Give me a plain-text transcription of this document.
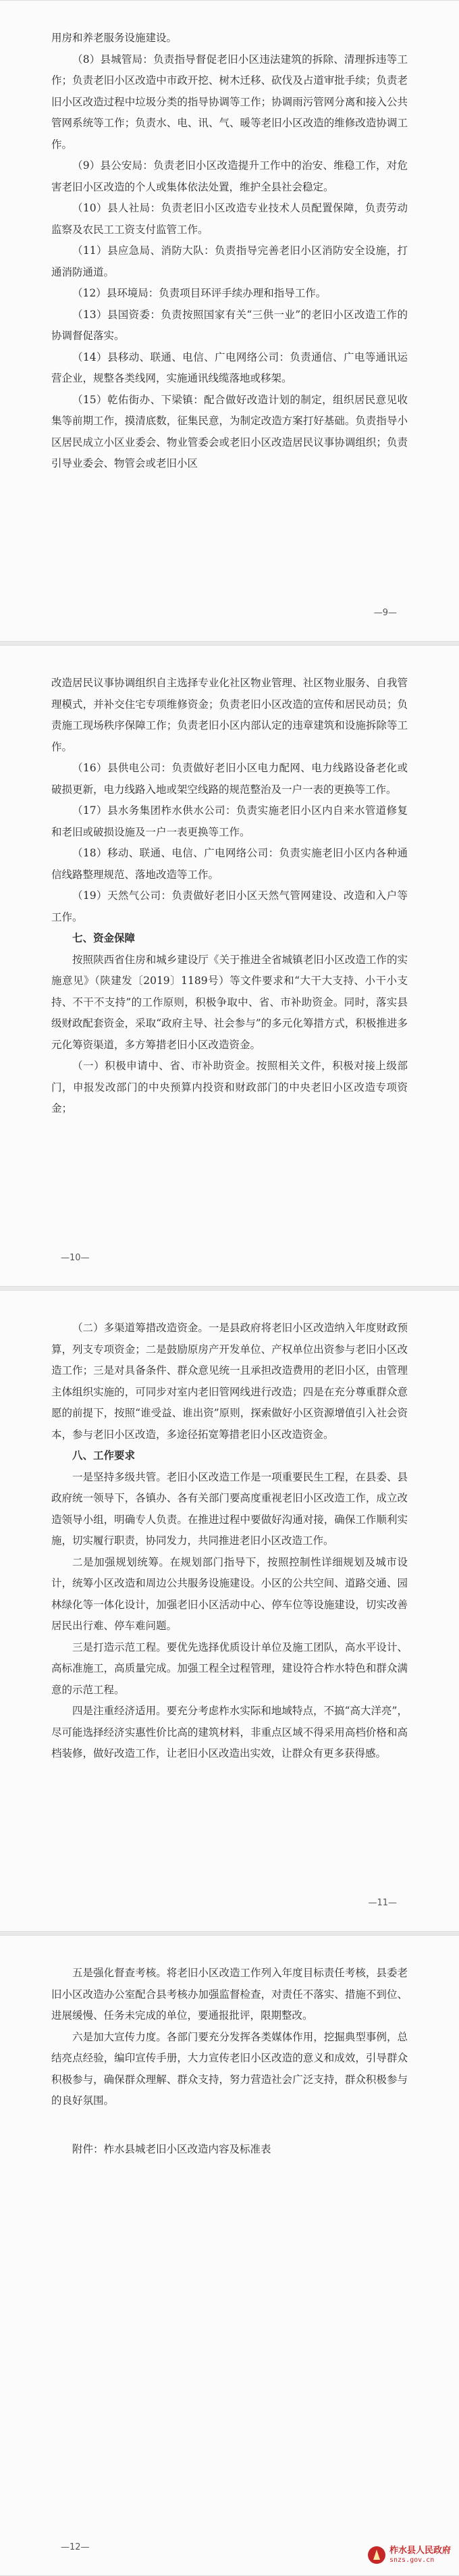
用房和养老服务设施建设。

（8）县城管局：负责指导督促老旧小区违法建筑的拆除、清理拆违等工作；负责老旧小区改造中市政开挖、树木迁移、砍伐及占道审批手续；负责老旧小区改造过程中垃圾分类的指导协调等工作；协调雨污管网分离和接入公共管网系统等工作；负责水、电、讯、气、暖等老旧小区改造的维修改造协调工作。

（9）县公安局：负责老旧小区改造提升工作中的治安、维稳工作，对危害老旧小区改造的个人或集体依法处置，维护全县社会稳定。

（10）县人社局：负责老旧小区改造专业技术人员配置保障，负责劳动监察及农民工工资支付监管工作。

（11）县应急局、消防大队：负责指导完善老旧小区消防安全设施，打通消防通道。

（12）县环境局：负责项目环评手续办理和指导工作。

（13）县国资委：负责按照国家有关“三供一业”的老旧小区改造工作的协调督促落实。

（14）县移动、联通、电信、广电网络公司：负责通信、广电等通讯运营企业，规整各类线网，实施通讯线缆落地或移架。

（15）乾佑街办、下梁镇：配合做好改造计划的制定，组织居民意见收集等前期工作，摸清底数，征集民意，为制定改造方案打好基础。负责指导小区居民成立小区业委会、物业管委会或老旧小区改造居民议事协调组织；负责引导业委会、物管会或老旧小区

—9—

改造居民议事协调组织自主选择专业化社区物业管理、社区物业服务、自我管理模式，并补交住宅专项维修资金；负责老旧小区改造的宣传和居民动员；负责施工现场秩序保障工作；负责老旧小区内部认定的违章建筑和设施拆除等工作。

（16）县供电公司：负责做好老旧小区电力配网、电力线路设备老化或破损更新，电力线路入地或架空线路的规范整治及一户一表的更换等工作。

（17）县水务集团柞水供水公司：负责实施老旧小区内自来水管道修复和老旧或破损设施及一户一表更换等工作。

（18）移动、联通、电信、广电网络公司：负责实施老旧小区内各种通信线路整理规范、落地改造等工作。

（19）天然气公司：负责做好老旧小区天然气管网建设、改造和入户等工作。

七、资金保障

按照陕西省住房和城乡建设厅《关于推进全省城镇老旧小区改造工作的实施意见》（陕建发〔2019〕1189号）等文件要求和“大干大支持、小干小支持、不干不支持”的工作原则，积极争取中、省、市补助资金。同时，落实县级财政配套资金，采取“政府主导、社会参与”的多元化筹措方式，积极推进多元化筹资渠道，多方筹措老旧小区改造资金。

（一）积极申请中、省、市补助资金。按照相关文件，积极对接上级部门，申报发改部门的中央预算内投资和财政部门的中央老旧小区改造专项资金；

—10—

（二）多渠道筹措改造资金。一是县政府将老旧小区改造纳入年度财政预算，列支专项资金；二是鼓励原房产开发单位、产权单位出资参与老旧小区改造工作；三是对具备条件、群众意见统一且承担改造费用的老旧小区，由管理主体组织实施的，可同步对室内老旧管网线进行改造；四是在充分尊重群众意愿的前提下，按照“谁受益、谁出资”原则，探索做好小区资源增值引入社会资本，参与老旧小区改造，多途径拓宽筹措老旧小区改造资金。

八、工作要求

一是坚持多级共管。老旧小区改造工作是一项重要民生工程，在县委、县政府统一领导下，各镇办、各有关部门要高度重视老旧小区改造工作，成立改造领导小组，明确专人负责。在推进过程中要做好沟通对接，确保工作顺利实施，切实履行职责，协同发力，共同推进老旧小区改造工作。

二是加强规划统筹。在规划部门指导下，按照控制性详细规划及城市设计，统筹小区改造和周边公共服务设施建设。小区的公共空间、道路交通、园林绿化等一体化设计，加强老旧小区活动中心、停车位等设施建设，切实改善居民出行难、停车难问题。

三是打造示范工程。要优先选择优质设计单位及施工团队，高水平设计、高标准施工，高质量完成。加强工程全过程管理，建设符合柞水特色和群众满意的示范工程。

四是注重经济适用。要充分考虑柞水实际和地域特点，不搞“高大洋亮”，尽可能选择经济实惠性价比高的建筑材料，非重点区域不得采用高档价格和高档装修，做好改造工作，让老旧小区改造出实效，让群众有更多获得感。

—11—

五是强化督查考核。将老旧小区改造工作列入年度目标责任考核，县委老旧小区改造办公室配合县考核办加强监督检查，对责任不落实、措施不到位、进展缓慢、任务未完成的单位，要通报批评，限期整改。

六是加大宣传力度。各部门要充分发挥各类媒体作用，挖掘典型事例，总结亮点经验，编印宣传手册，大力宣传老旧小区改造的意义和成效，引导群众积极参与，确保群众理解、群众支持，努力营造社会广泛支持，群众积极参与的良好氛围。

附件：柞水县城老旧小区改造内容及标准表

—12—	柞水县人民政府
snzs.gov.cn
